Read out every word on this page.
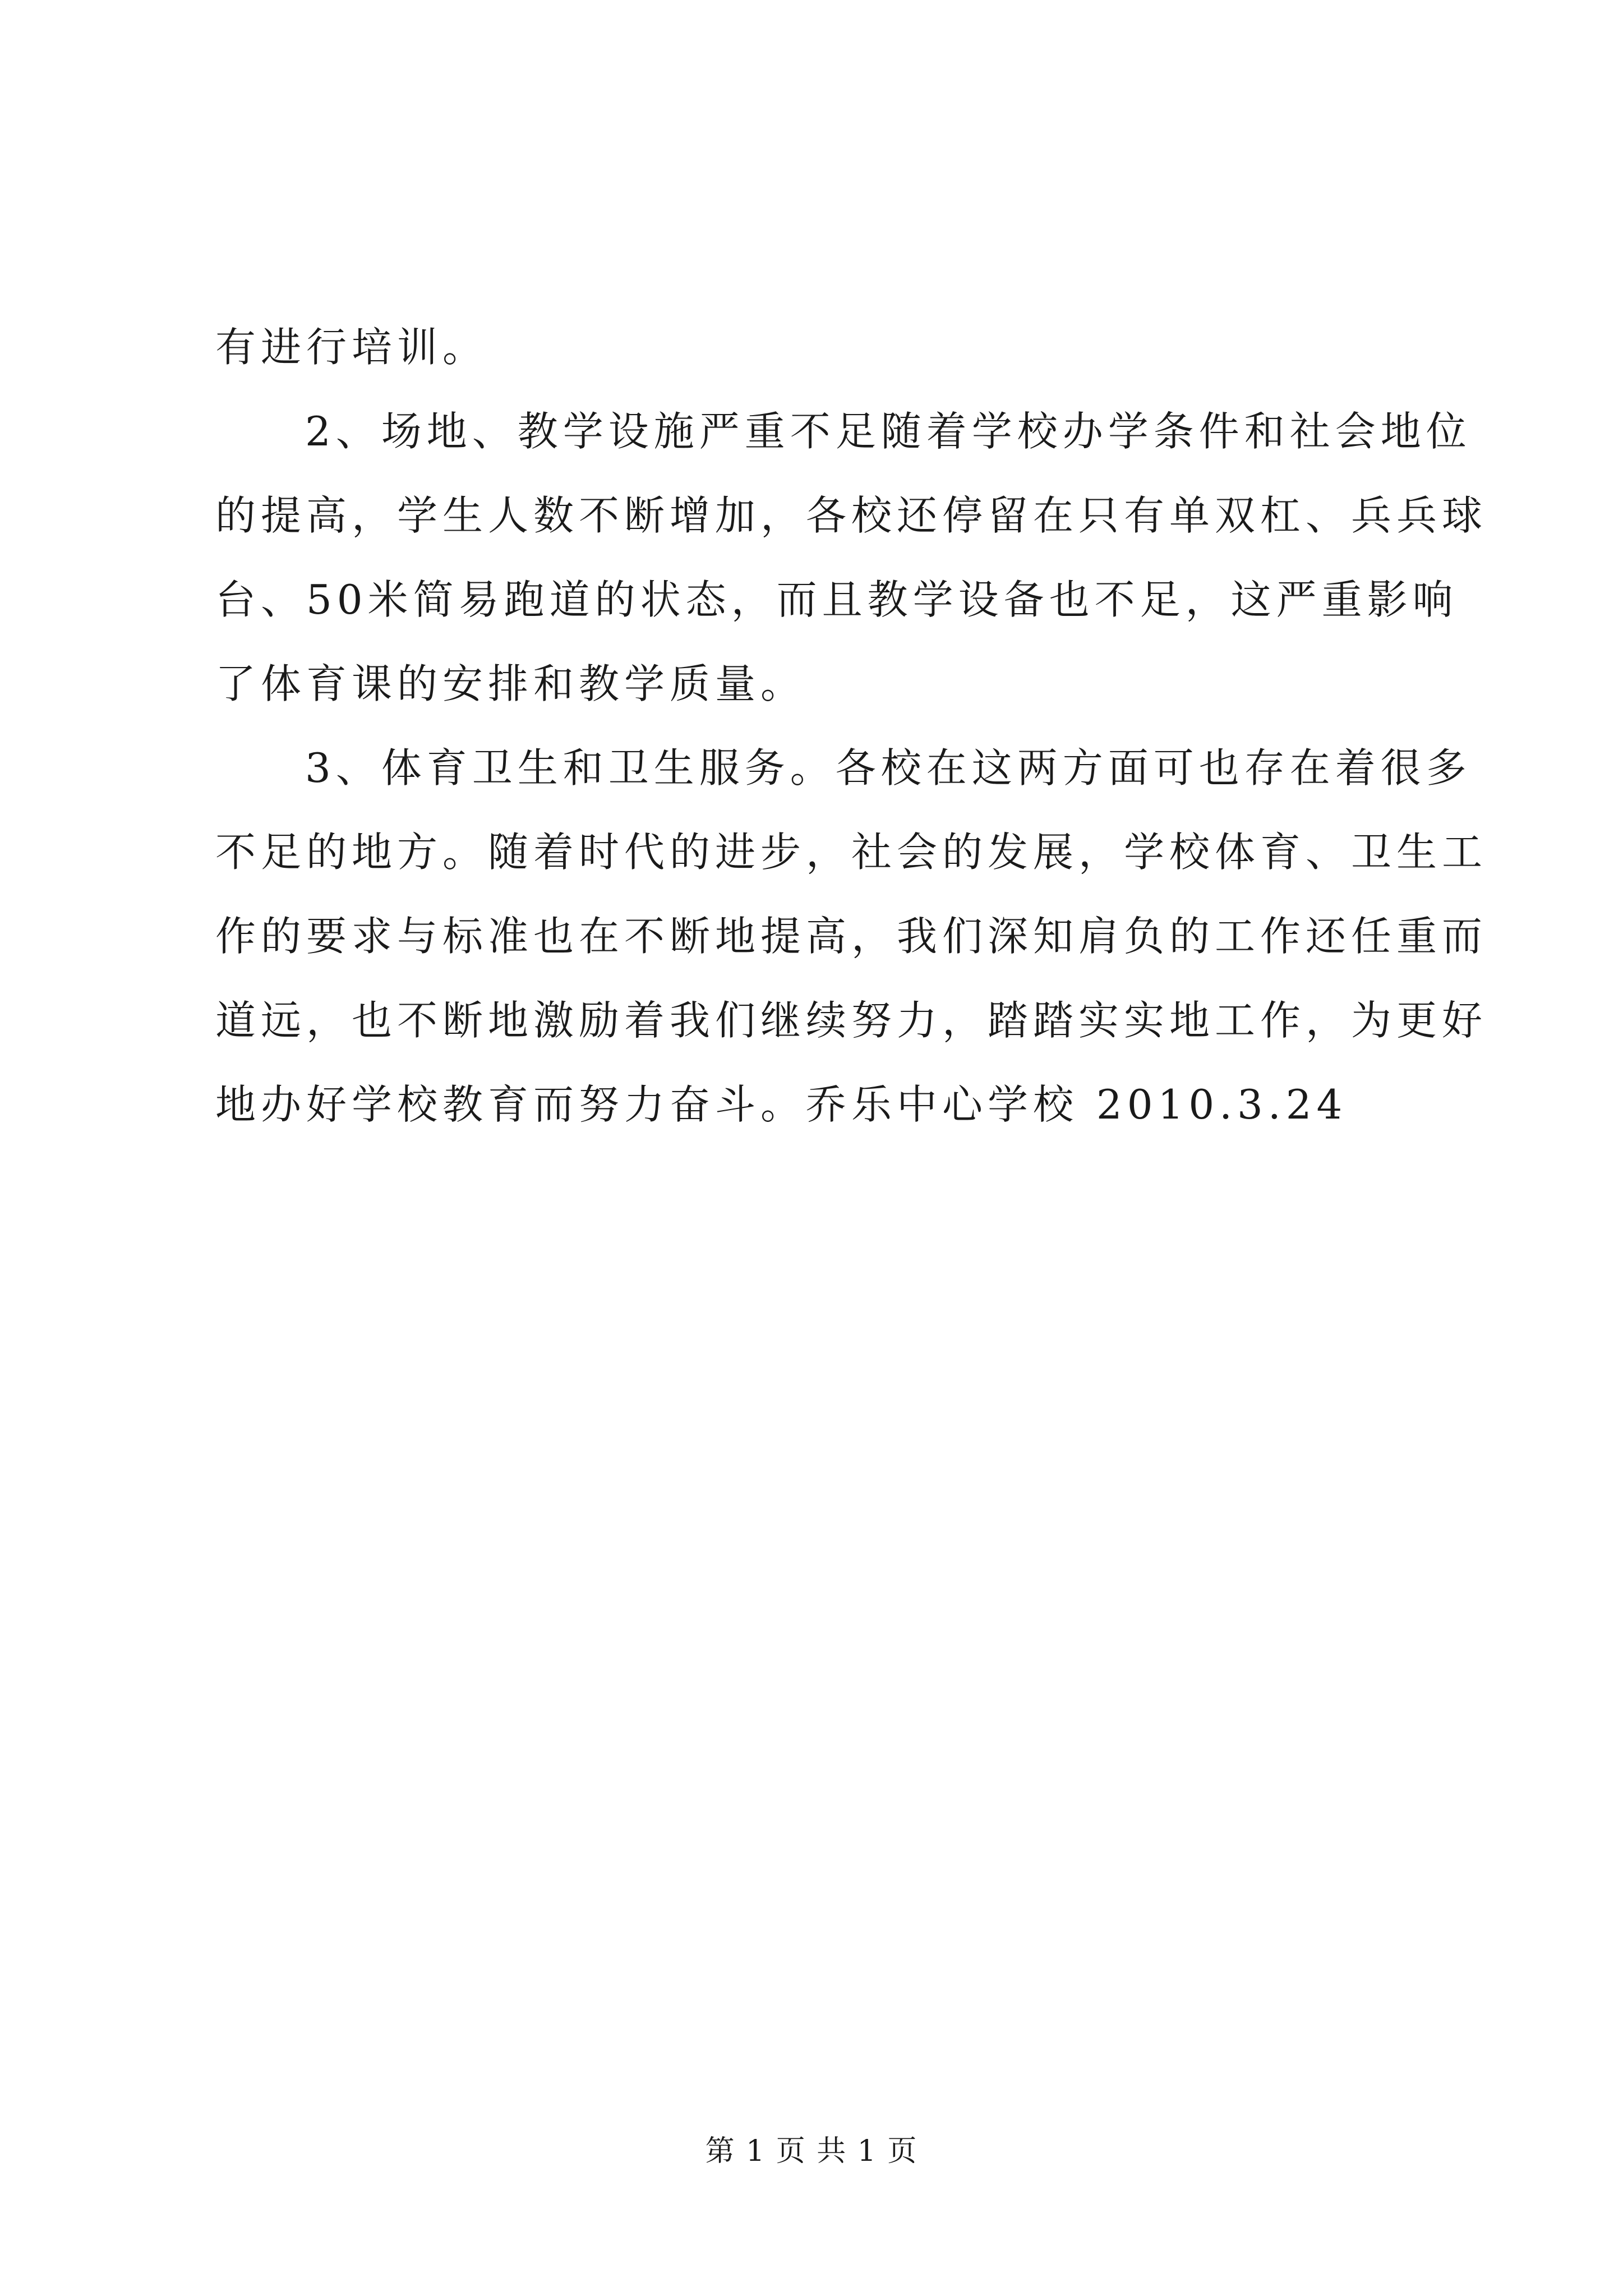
有进行培训。
2、场地、教学设施严重不足随着学校办学条件和社会地位
的提高，学生人数不断增加，各校还停留在只有单双杠、兵兵球
台、50米简易跑道的状态，而且教学设备也不足，这严重影响
了体育课的安排和教学质量。
3、体育卫生和卫生服务。各校在这两方面可也存在着很多
不足的地方。随着时代的进步，社会的发展，学校体育、卫生工
作的要求与标准也在不断地提高，我们深知肩负的工作还任重而
道远，也不断地激励着我们继续努力，踏踏实实地工作，为更好
地办好学校教育而努力奋斗。乔乐中心学校 2010.3.24
第 1 页 共 1 页
